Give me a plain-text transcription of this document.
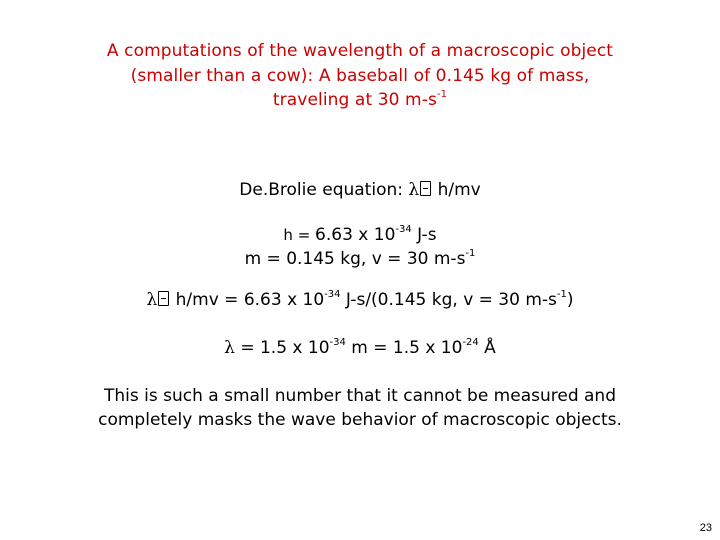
A computations of the wavelength of a macroscopic object
(smaller than a cow): A baseball of 0.145 kg of mass,
traveling at 30 $m-s^{-1}$
De.Brolie equation: λ h/mv
h = 6.63 x $10^{-34}$ J-s
m = 0.145 kg, v = 30 $m-s^{-1}$
λ h/mv = 6.63 x $10^{-34}$ J-s/(0.145 kg, v = 30 $m-s^{-1}$)
λ = 1.5 x $10^{-34}$ m = 1.5 x $10^{-24}$ Å
This is such a small number that it cannot be measured and
completely masks the wave behavior of macroscopic objects.
23
